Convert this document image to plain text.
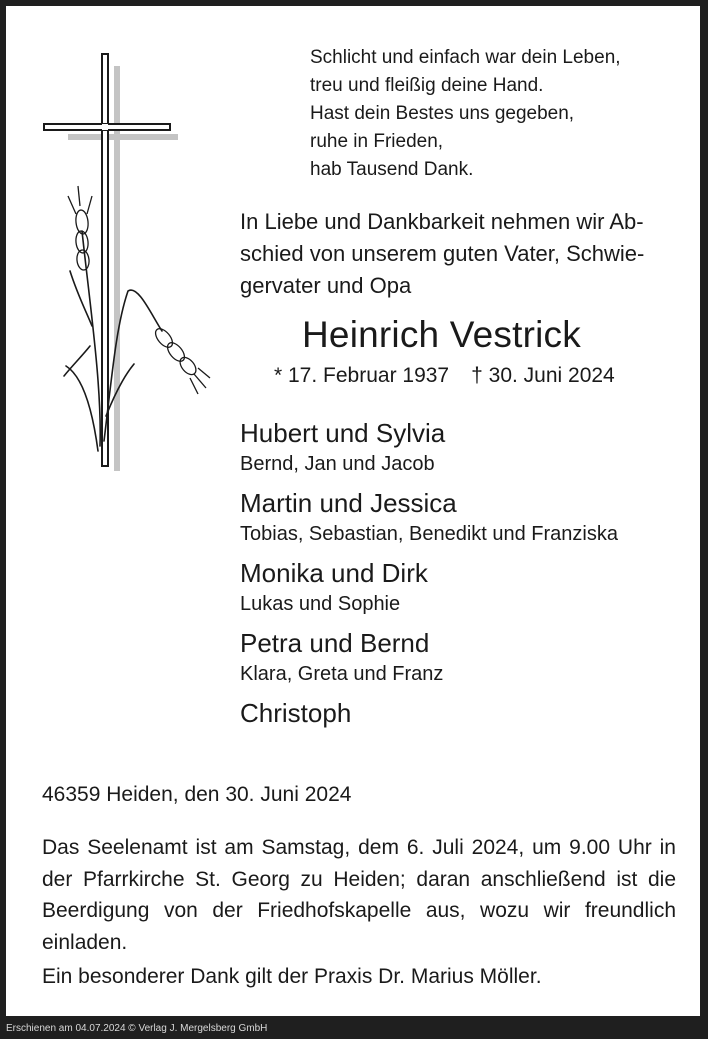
Schlicht und einfach war dein Leben,
treu und fleißig deine Hand.
Hast dein Bestes uns gegeben,
ruhe in Frieden,
hab Tausend Dank.
In Liebe und Dankbarkeit nehmen wir Ab-
schied von unserem guten Vater, Schwie-
gervater und Opa
Heinrich Vestrick
* 17. Februar 1937 † 30. Juni 2024
Hubert und Sylvia
Bernd, Jan und Jacob
Martin und Jessica
Tobias, Sebastian, Benedikt und Franziska
Monika und Dirk
Lukas und Sophie
Petra und Bernd
Klara, Greta und Franz
Christoph
46359 Heiden, den 30. Juni 2024
Das Seelenamt ist am Samstag, dem 6. Juli 2024, um 9.00 Uhr in der Pfarrkirche St. Georg zu Heiden; daran anschließend ist die Beerdigung von der Friedhofskapelle aus, wozu wir freundlich einladen.
Ein besonderer Dank gilt der Praxis Dr. Marius Möller.
Erschienen am 04.07.2024 © Verlag J. Mergelsberg GmbH
